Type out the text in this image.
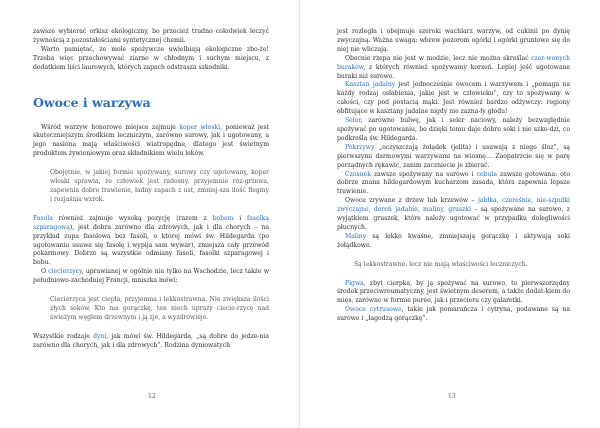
zawsze wybierać orkisz ekologiczny, bo przecież trudno cokolwiek leczyć żywnością z pozostałościami syntetycznej chemii.

Warto pamiętać, że mole spożywcze uwielbiają ekologiczne zbo-że! Trzeba więc przechowywać ziarno w chłodnym i suchym miejscu, z dodatkiem liści laurowych, których zapach odstrasza szkodniki.

Owoce i warzywa

Wśród warzyw honorowe miejsce zajmuje koper włoski, ponieważ jest skuteczniejszym środkiem leczniczym, zarówno surowy, jak i ugotowany, a jego nasiona mają właściwości wiatropędne, dlatego jest świetnym produktem żywieniowym oraz składnikiem wielu leków.

Obojętnie, w jakiej formie spożywany, surowy czy ugotowany, koper włoski sprawia, że człowiek jest radosny, przyjemnie roz-grzewa, zapewnia dobre trawienie, ładny zapach z ust, zmniej-sza ilość flegmy i rozjaśnia wzrok.

Fasola również zajmuje wysoką pozycję (razem z bobem i fasolką szparagową), jest dobra zarówno dla zdrowych, jak i dla chorych – na przykład zupa fasolowa bez fasoli, o której mówi św. Hildegarda (po ugotowaniu usuwa się fasolę i wypija sam wywar), zmiejsza cały przewód pokarmowy. Dobrze są wszystkie odmiany fasoli, fasolki szparagowej i bobu.

O ciecierzycy, uprawianej w ogólnie nie tylko na Wschodzie, lecz także w południowo-zachodniej Francji, mniszka mówi:

Ciecierzyca jest ciepła, przyjemna i lekkostrawna. Nie zwiększa ilości złych soków. Kto ma gorączkę, ten niech uprazy ciecie-rzycę nad świeżym węglem drzewnym i ją zje, a wyzdrowieje.

Wszystkie rodzaje dyni, jak mówi św. Hildegarda, „są dobre do jedze-nia zarówno dla chorych, jak i dla zdrowych”. Rodzina dyniowatych

12

jest rozległa i obejmuje szeroki wachlarz warzyw, od cukinii po dynię zwyczajną. Ważna uwaga: wbrew pozorom ogórki i ogórki gruntowe się do niej nie wliczają.

Obecnie rzepa nie jest w modzie, lecz nie można skreślać czer-wonych buraków, z których również spożywamy korzeń. Lepiej jeść ugotowane buraki niż surowe.

Kasztan jadalny jest jednocześnie owocem i warzywem i „pomaga na każdy rodzaj osłabienia, jakie jest w człowieku”, czy to spożywany w całości, czy pod postacią mąki. Jest również bardzo odżywczy: regiony obfitujące w kasztany jadalne nigdy nie zazna-ły głodu!

Seler, zarówno bulwę, jak i seler naciowy, należy bezwzględnie spożywać po ugotowaniu, bo dzięki temu daje dobre soki i nie szko-dzi, co podkreśla św. Hildegarda.

Pokrzywy „oczyszczają żołądek (jelita) i usuwają z niego śluz”, są pierwszymi darmowymi warzywami na wiosnę… Zaopatrzcie się w parę porządnych rękawic, zanim zaczniecie je zbierać.

Czosnek zawsze spożywany na surowo i cebula zawsze gotowana: oto dobrze znana hildegardowym kucharzom zasada, która zapewnia lepsze trawienie.

Owoce zrywane z drzew lub krzewów – jabłka, czereśnie, nie-szpułki zwyczajne, dereń jadalne, maliny, gruszki – są spożywane na surowo, z wyjątkiem gruszek, które należy ugotować w przypadku dolegliwości płucnych.

Maliny są lekko kwaśne, zmniejszają gorączkę i aktywują soki żołądkowe.

Są lekkostrawne, lecz nie mają właściwości leczniczych.

Pigwa, zbyt cierpka, by ją spożywać na surowo, to pierwszorzędny środek przeciwreumatyczny, jest świetnym deserem, a także dodat-kiem do mięs, zarówno w formie purée, jak i przecieru czy galaretki.

Owoce cytrusowe, takie jak pomarańcza i cytryna, podawane są na surowo i „łagodzą gorączkę”.

13
